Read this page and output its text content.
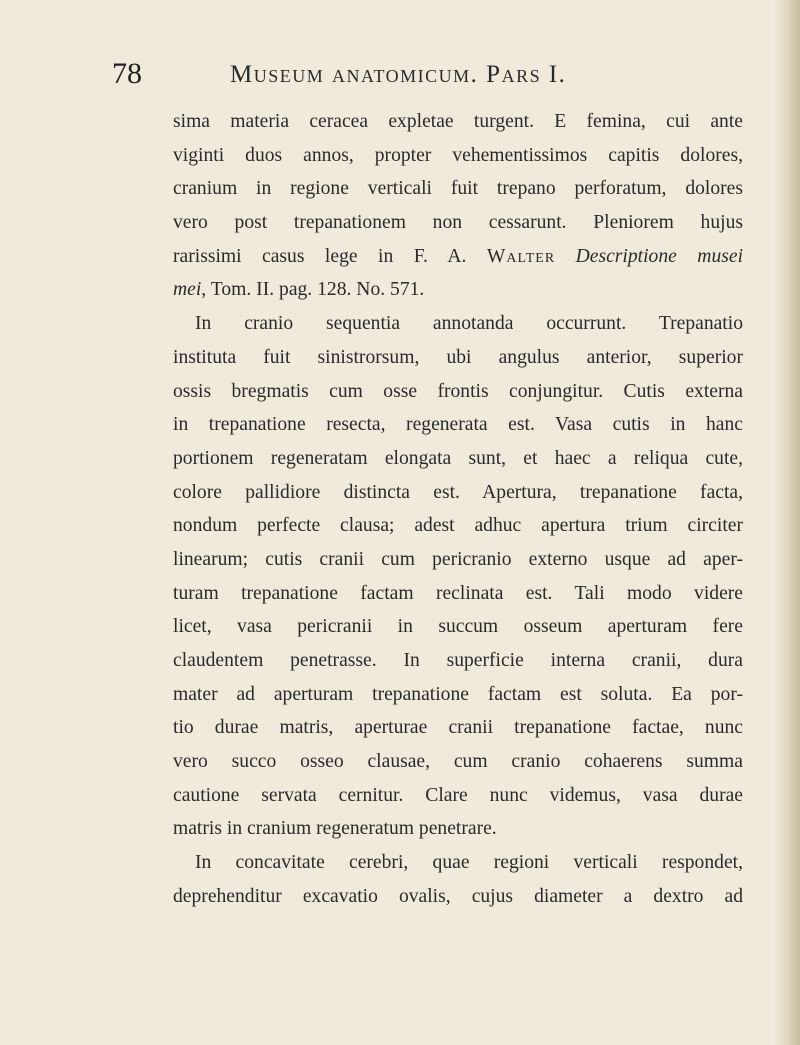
78	Museum anatomicum. Pars I.
sima materia ceracea expletae turgent. E femina, cui ante
viginti duos annos, propter vehementissimos capitis dolores,
cranium in regione verticali fuit trepano perforatum, dolores
vero post trepanationem non cessarunt. Pleniorem hujus
rarissimi casus lege in F. A. Walter Descriptione musei
mei, Tom. II. pag. 128. No. 571.
In cranio sequentia annotanda occurrunt. Trepanatio
instituta fuit sinistrorsum, ubi angulus anterior, superior
ossis bregmatis cum osse frontis conjungitur. Cutis externa
in trepanatione resecta, regenerata est. Vasa cutis in hanc
portionem regeneratam elongata sunt, et haec a reliqua cute,
colore pallidiore distincta est. Apertura, trepanatione facta,
nondum perfecte clausa; adest adhuc apertura trium circiter
linearum; cutis cranii cum pericranio externo usque ad aper-
turam trepanatione factam reclinata est. Tali modo videre
licet, vasa pericranii in succum osseum aperturam fere
claudentem penetrasse. In superficie interna cranii, dura
mater ad aperturam trepanatione factam est soluta. Ea por-
tio durae matris, aperturae cranii trepanatione factae, nunc
vero succo osseo clausae, cum cranio cohaerens summa
cautione servata cernitur. Clare nunc videmus, vasa durae
matris in cranium regeneratum penetrare.
In concavitate cerebri, quae regioni verticali respondet,
deprehenditur excavatio ovalis, cujus diameter a dextro ad
